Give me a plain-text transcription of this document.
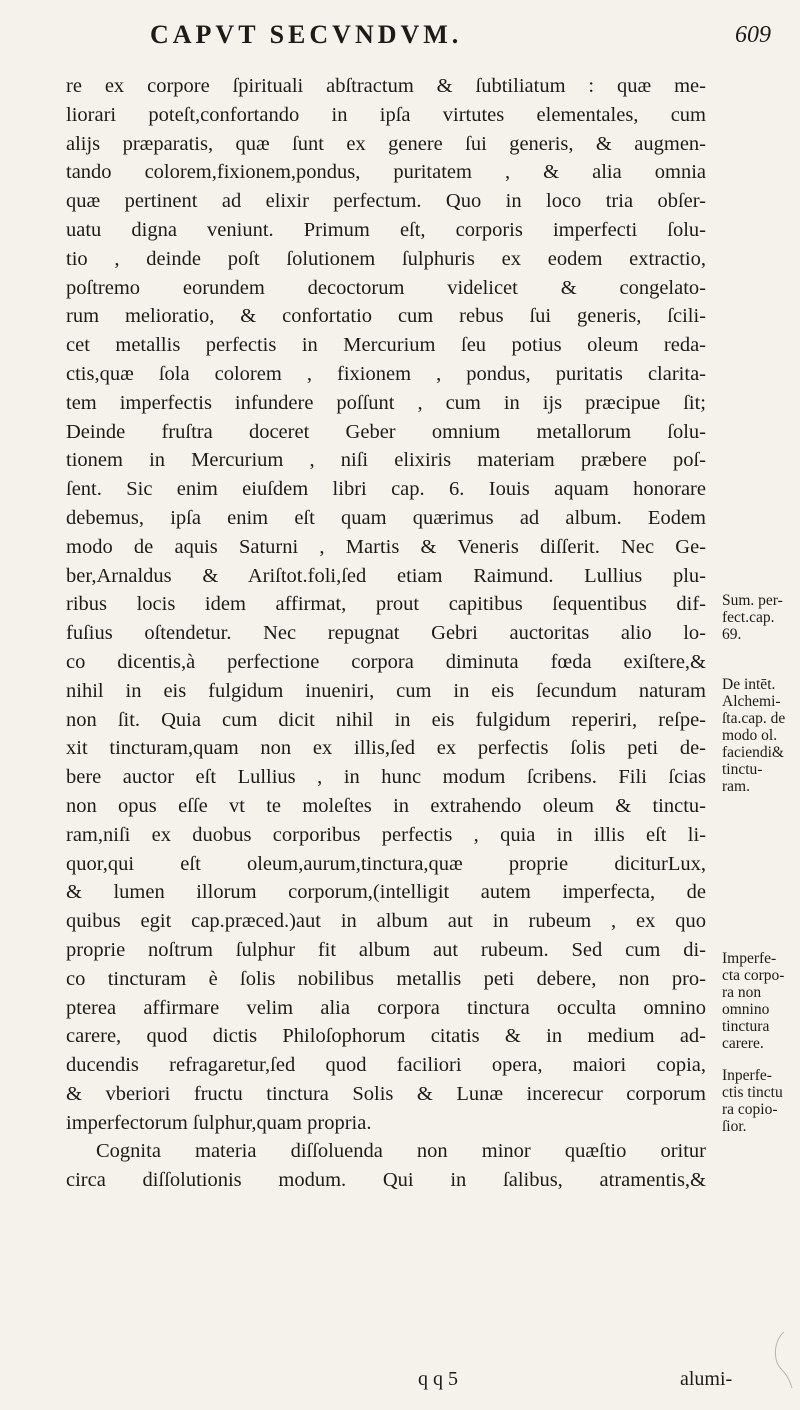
CAPVT SECVNDVM.	609
re ex corpore ſpirituali abſtractum & ſubtiliatum : quæ me-
liorari poteſt,confortando in ipſa virtutes elementales, cum
alijs præparatis, quæ ſunt ex genere ſui generis, & augmen-
tando colorem,fixionem,pondus, puritatem , & alia omnia
quæ pertinent ad elixir perfectum. Quo in loco tria obſer-
uatu digna veniunt. Primum eſt, corporis imperfecti ſolu-
tio , deinde poſt ſolutionem ſulphuris ex eodem extractio,
poſtremo eorundem decoctorum videlicet & congelato-
rum melioratio, & confortatio cum rebus ſui generis, ſcili-
cet metallis perfectis in Mercurium ſeu potius oleum reda-
ctis,quæ ſola colorem , fixionem , pondus, puritatis clarita-
tem imperfectis infundere poſſunt , cum in ijs præcipue ſit;
Deinde fruſtra doceret Geber omnium metallorum ſolu-
tionem in Mercurium , niſi elixiris materiam præbere poſ-
ſent. Sic enim eiuſdem libri cap. 6. Iouis aquam honorare
debemus, ipſa enim eſt quam quærimus ad album. Eodem
modo de aquis Saturni , Martis & Veneris diſſerit. Nec Ge-
ber,Arnaldus & Ariſtot.foli,ſed etiam Raimund. Lullius plu-
ribus locis idem affirmat, prout capitibus ſequentibus dif-
fuſius oſtendetur. Nec repugnat Gebri auctoritas alio lo-
co dicentis,à perfectione corpora diminuta fœda exiſtere,&
nihil in eis fulgidum inueniri, cum in eis ſecundum naturam
non ſit. Quia cum dicit nihil in eis fulgidum reperiri, reſpe-
xit tincturam,quam non ex illis,ſed ex perfectis ſolis peti de-
bere auctor eſt Lullius , in hunc modum ſcribens. Fili ſcias
non opus eſſe vt te moleſtes in extrahendo oleum & tinctu-
ram,niſi ex duobus corporibus perfectis , quia in illis eſt li-
quor,qui eſt oleum,aurum,tinctura,quæ proprie diciturLux,
& lumen illorum corporum,(intelligit autem imperfecta, de
quibus egit cap.præced.)aut in album aut in rubeum , ex quo
proprie noſtrum ſulphur fit album aut rubeum. Sed cum di-
co tincturam è ſolis nobilibus metallis peti debere, non pro-
pterea affirmare velim alia corpora tinctura occulta omnino
carere, quod dictis Philoſophorum citatis & in medium ad-
ducendis refragaretur,ſed quod faciliori opera, maiori copia,
& vberiori fructu tinctura Solis & Lunæ incerecur corporum
imperfectorum ſulphur,quam propria.
Cognita materia diſſoluenda non minor quæſtio oritur
circa diſſolutionis modum. Qui in ſalibus, atramentis,&
Sum. per-
fect.cap.
69.
De intēt.
Alchemi-
ſta.cap. de
modo ol.
faciendi&
tinctu-
ram.
Imperfe-
cta corpo-
ra non
omnino
tinctura
carere.
Inperfe-
ctis tinctu
ra copio-
ſior.
q q 5	alumi-
